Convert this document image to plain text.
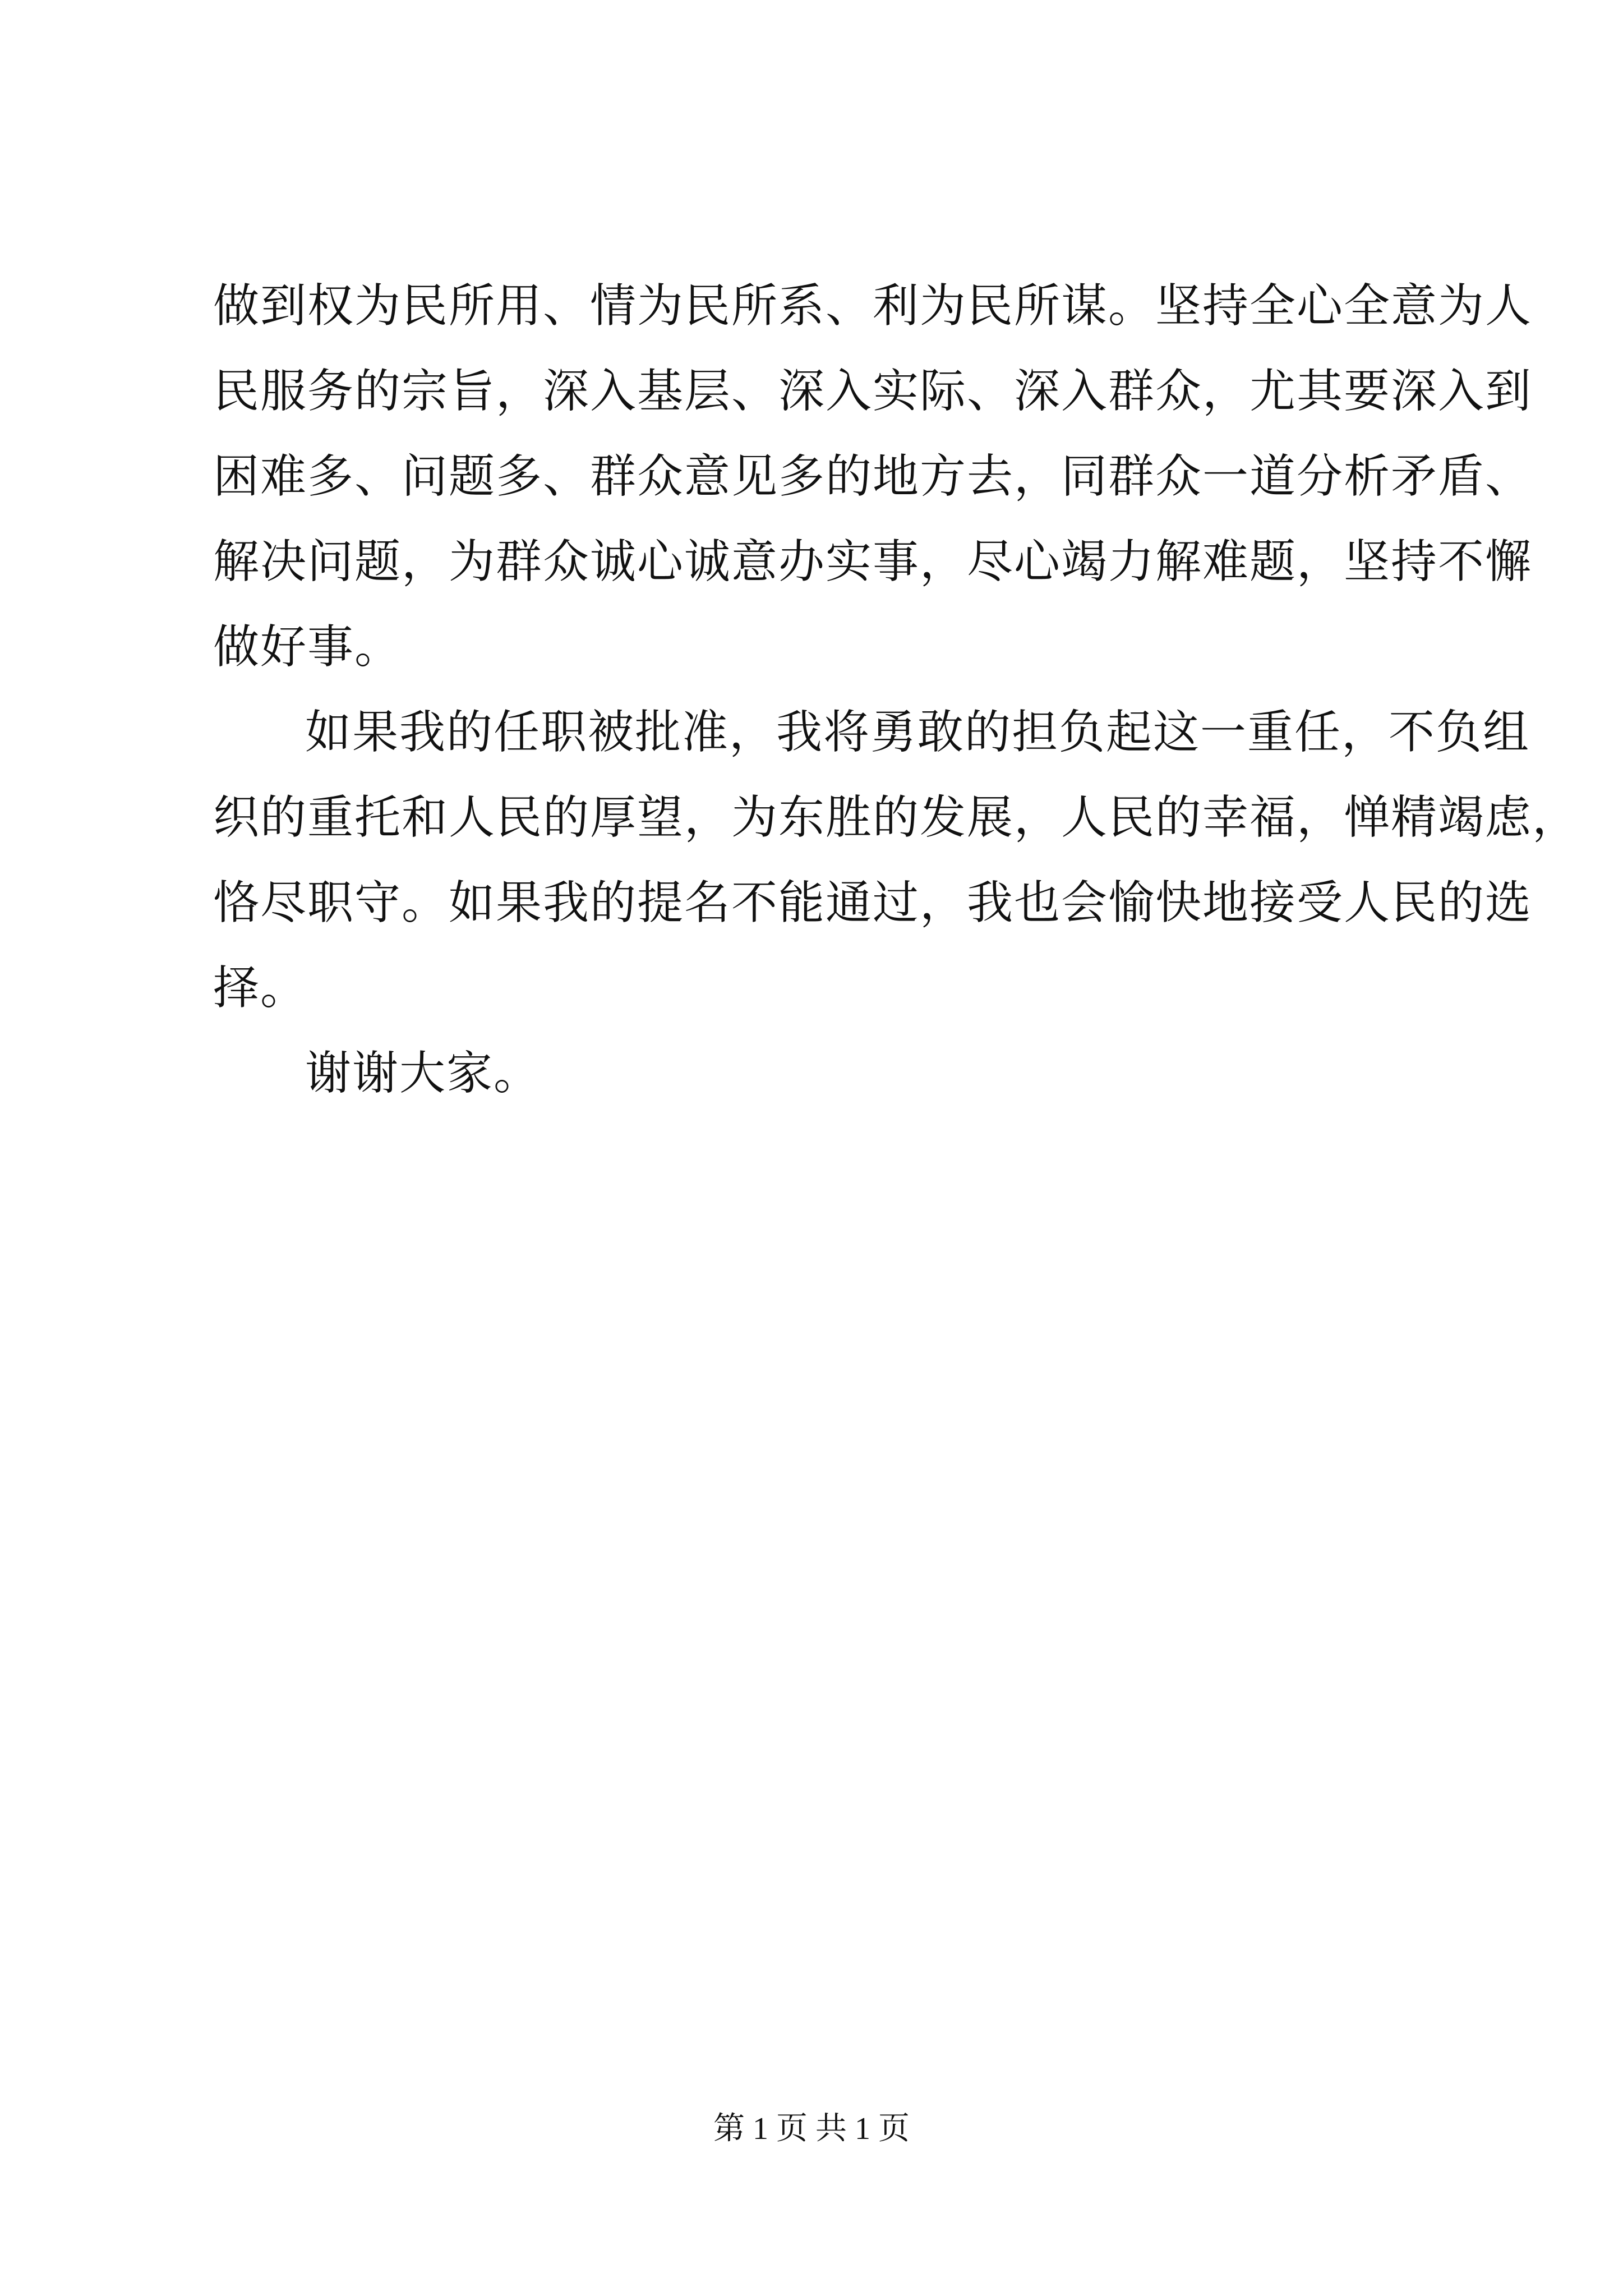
做到权为民所用、情为民所系、利为民所谋。坚持全心全意为人
民服务的宗旨，深入基层、深入实际、深入群众，尤其要深入到
困难多、问题多、群众意见多的地方去，同群众一道分析矛盾、
解决问题，为群众诚心诚意办实事，尽心竭力解难题，坚持不懈
做好事。
如果我的任职被批准，我将勇敢的担负起这一重任，不负组
织的重托和人民的厚望，为东胜的发展，人民的幸福，惮精竭虑，
恪尽职守。如果我的提名不能通过，我也会愉快地接受人民的选
择。
谢谢大家。
第 1 页 共 1 页
